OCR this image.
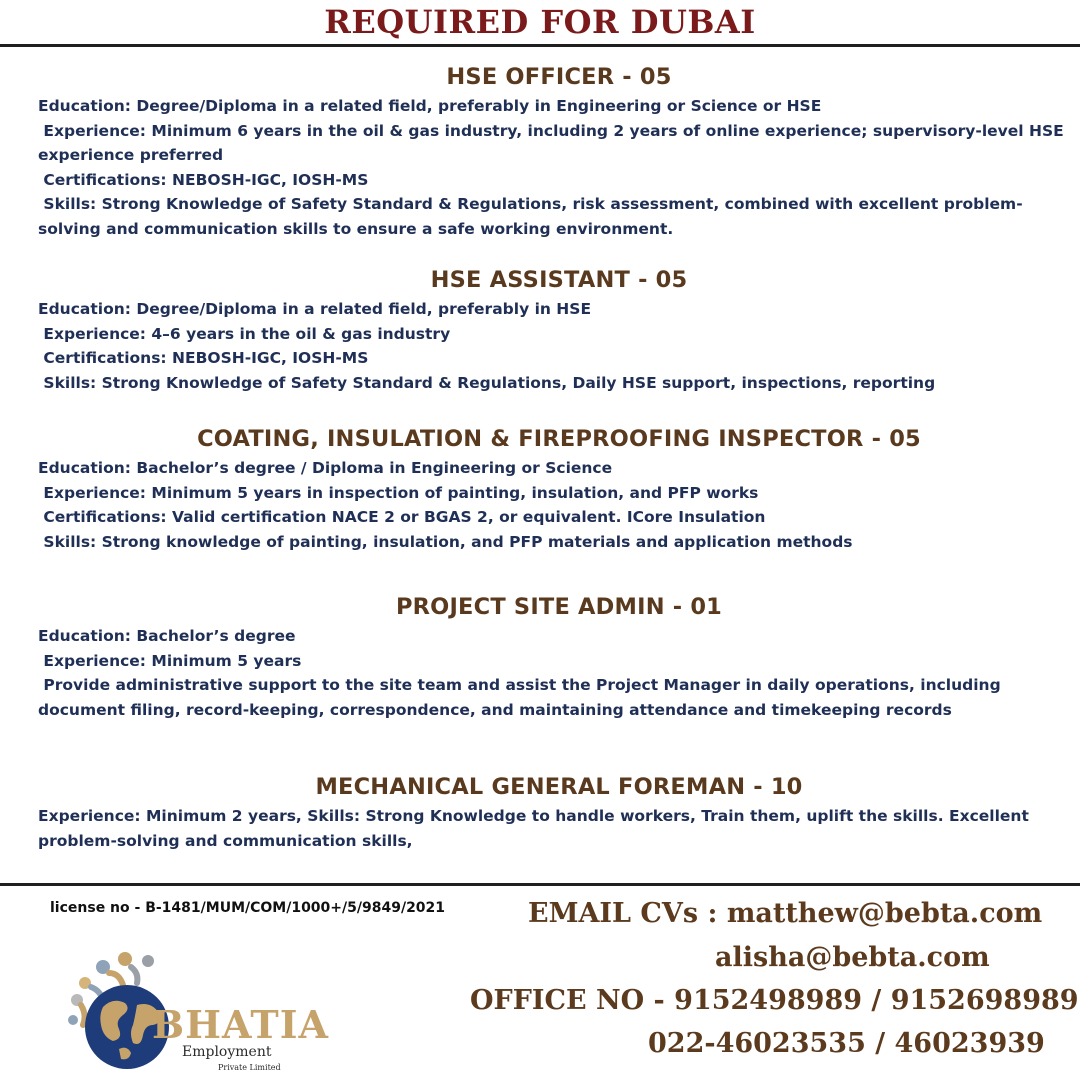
REQUIRED FOR DUBAI
HSE OFFICER - 05

Education: Degree/Diploma in a related field, preferably in Engineering or Science or HSE

Experience: Minimum 6 years in the oil & gas industry, including 2 years of online experience; supervisory-level HSE experience preferred

Certifications: NEBOSH-IGC, IOSH-MS

Skills: Strong Knowledge of Safety Standard & Regulations, risk assessment, combined with excellent problem-solving and communication skills to ensure a safe working environment.

HSE ASSISTANT - 05

Education: Degree/Diploma in a related field, preferably in HSE

Experience: 4–6 years in the oil & gas industry

Certifications: NEBOSH-IGC, IOSH-MS

Skills: Strong Knowledge of Safety Standard & Regulations, Daily HSE support, inspections, reporting

COATING, INSULATION & FIREPROOFING INSPECTOR - 05

Education: Bachelor’s degree / Diploma in Engineering or Science

Experience: Minimum 5 years in inspection of painting, insulation, and PFP works

Certifications: Valid certification NACE 2 or BGAS 2, or equivalent. ICore Insulation

Skills: Strong knowledge of painting, insulation, and PFP materials and application methods

PROJECT SITE ADMIN - 01

Education: Bachelor’s degree

Experience: Minimum 5 years

Provide administrative support to the site team and assist the Project Manager in daily operations, including document filing, record-keeping, correspondence, and maintaining attendance and timekeeping records

MECHANICAL GENERAL FOREMAN - 10

Experience: Minimum 2 years, Skills: Strong Knowledge to handle workers, Train them, uplift the skills. Excellent problem-solving and communication skills,

license no - B-1481/MUM/COM/1000+/5/9849/2021
BHATIA
Employment
Private Limited
EMAIL CVs : matthew@bebta.com
alisha@bebta.com
OFFICE NO - 9152498989 / 9152698989
022-46023535 / 46023939
